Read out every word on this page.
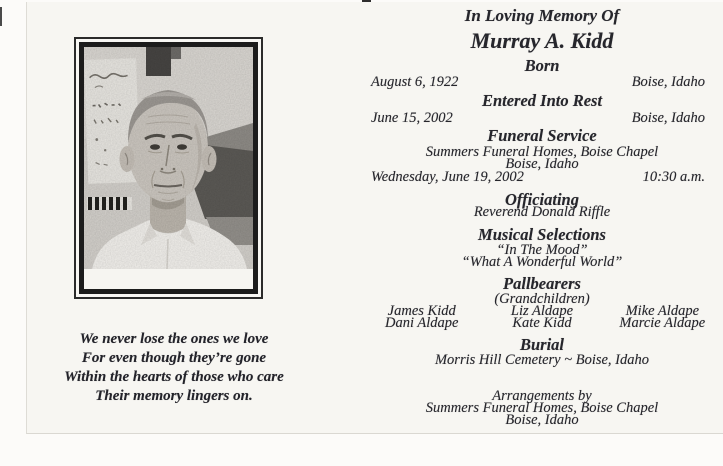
We never lose the ones we love
For even though they’re gone
Within the hearts of those who care
Their memory lingers on.
In Loving Memory Of
Murray A. Kidd
Born
August 6, 1922	Boise, Idaho
Entered Into Rest
June 15, 2002	Boise, Idaho
Funeral Service
Summers Funeral Homes, Boise Chapel
Boise, Idaho
Wednesday, June 19, 2002	10:30 a.m.
Officiating
Reverend Donald Riffle
Musical Selections
“In The Mood”
“What A Wonderful World”
Pallbearers
(Grandchildren)
James Kidd	Liz Aldape	Mike Aldape
Dani Aldape	Kate Kidd	Marcie Aldape
Burial
Morris Hill Cemetery ~ Boise, Idaho
Arrangements by
Summers Funeral Homes, Boise Chapel
Boise, Idaho
